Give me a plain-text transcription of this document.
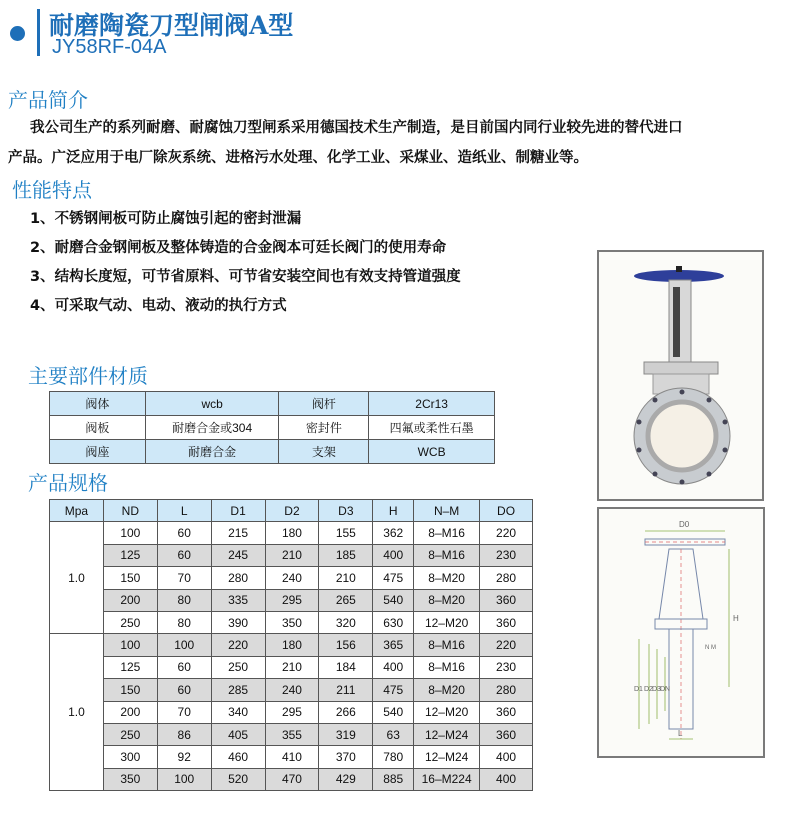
耐磨陶瓷刀型闸阀A型
JY58RF-04A
产品简介
我公司生产的系列耐磨、耐腐蚀刀型闸系采用德国技术生产制造，是目前国内同行业较先进的替代进口
产品。广泛应用于电厂除灰系统、进格污水处理、化学工业、采煤业、造纸业、制糖业等。
性能特点
1、不锈钢闸板可防止腐蚀引起的密封泄漏
2、耐磨合金钢闸板及整体铸造的合金阀本可廷长阀门的使用寿命
3、结构长度短，可节省原料、可节省安装空间也有效支持管道强度
4、可采取气动、电动、液动的执行方式
主要部件材质
阀体	wcb	阀杆	2Cr13
阀板	耐磨合金或304	密封件	四氟或柔性石墨
阀座	耐磨合金	支架	WCB
产品规格
Mpa	ND	L	D1	D2	D3	H	N–M	DO
1.0	100	60	215	180	155	362	8–M16	220
	125	60	245	210	185	400	8–M16	230
	150	70	280	240	210	475	8–M20	280
	200	80	335	295	265	540	8–M20	360
	250	80	390	350	320	630	12–M20	360
1.0	100	100	220	180	156	365	8–M16	220
	125	60	250	210	184	400	8–M16	230
	150	60	285	240	211	475	8–M20	280
	200	70	340	295	266	540	12–M20	360
	250	86	405	355	319	63	12–M24	360
	300	92	460	410	370	780	12–M24	400
	350	100	520	470	429	885	16–M224	400
D0
H
N M
D1 D2 D3 DN
L
